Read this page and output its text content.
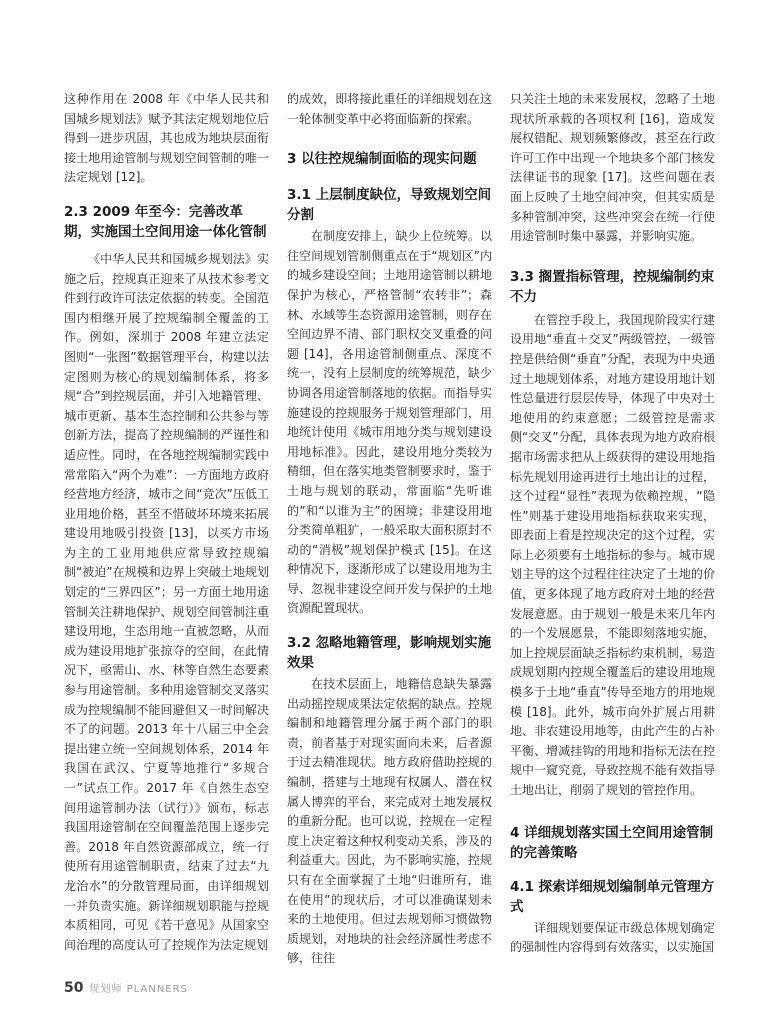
这种作用在 2008 年《中华人民共和国城乡规划法》赋予其法定规划地位后得到一进步巩固，其也成为地块层面衔接土地用途管制与规划空间管制的唯一法定规划 [12]。

2.3 2009 年至今：完善改革期，实施国土空间用途一体化管制

《中华人民共和国城乡规划法》实施之后，控规真正迎来了从技术参考文件到行政许可法定依据的转变。全国范围内相继开展了控规编制全覆盖的工作。例如，深圳于 2008 年建立法定图则“一张图”数据管理平台，构建以法定图则为核心的规划编制体系，将多规“合”到控规层面，并引入地籍管理、城市更新、基本生态控制和公共参与等创新方法，提高了控规编制的严谨性和适应性。同时，在各地控规编制实践中常常陷入“两个为难”：一方面地方政府经营地方经济，城市之间“竞次”压低工业用地价格，甚至不惜破坏环境来拓展建设用地吸引投资 [13]，以买方市场为主的工业用地供应常导致控规编制“被迫”在规模和边界上突破土地规划划定的“三界四区”；另一方面土地用途管制关注耕地保护、规划空间管制注重建设用地，生态用地一直被忽略，从而成为建设用地扩张掠夺的空间，在此情况下，亟需山、水、林等自然生态要素参与用途管制。多种用途管制交叉落实成为控规编制不能回避但又一时间解决不了的问题。2013 年十八届三中全会提出建立统一空间规划体系，2014 年我国在武汉、宁夏等地推行“多规合一”试点工作。2017 年《自然生态空间用途管制办法（试行）》颁布，标志我国用途管制在空间覆盖范围上逐步完善。2018 年自然资源部成立，统一行使所有用途管制职责，结束了过去“九龙治水”的分散管理局面，由详细规划一并负责实施。新详细规划职能与控规本质相同，可见《若干意见》从国家空间治理的高度认可了控规作为法定规划

的成效，即将接此重任的详细规划在这一轮体制变革中必将面临新的探索。

3 以往控规编制面临的现实问题
3.1 上层制度缺位，导致规划空间分割

在制度安排上，缺少上位统筹。以往空间规划管制侧重点在于“规划区”内的城乡建设空间；土地用途管制以耕地保护为核心，严格管制“农转非”；森林、水域等生态资源用途管制，则存在空间边界不清、部门职权交叉重叠的问题 [14]，各用途管制侧重点、深度不统一，没有上层制度的统筹规范，缺少协调各用途管制落地的依据。而指导实施建设的控规服务于规划管理部门，用地统计使用《城市用地分类与规划建设用地标准》。因此，建设用地分类较为精细，但在落实地类管制要求时，鉴于土地与规划的联动，常面临“先听谁的”和“以谁为主”的困境；非建设用地分类简单粗犷，一般采取大面积原封不动的“消极”规划保护模式 [15]。在这种情况下，逐渐形成了以建设用地为主导、忽视非建设空间开发与保护的土地资源配置现状。

3.2 忽略地籍管理，影响规划实施效果

在技术层面上，地籍信息缺失暴露出动摇控规成果法定依据的缺点。控规编制和地籍管理分属于两个部门的职责，前者基于对现实面向未来，后者源于过去精准现状。地方政府借助控规的编制，搭建与土地现有权属人、潜在权属人博弈的平台，来完成对土地发展权的重新分配。也可以说，控规在一定程度上决定着这种权利变动关系，涉及的利益重大。因此，为不影响实施，控规只有在全面掌握了土地“归谁所有，谁在使用”的现状后，才可以准确谋划未来的土地使用。但过去规划师习惯做物质规划，对地块的社会经济属性考虑不够，往往

只关注土地的未来发展权，忽略了土地现状所承载的各项权利 [16]，造成发展权错配、规划频繁修改，甚至在行政许可工作中出现一个地块多个部门核发法律证书的现象 [17]。这些问题在表面上反映了土地空间冲突，但其实质是多种管制冲突，这些冲突会在统一行使用途管制时集中暴露，并影响实施。

3.3 搁置指标管理，控规编制约束不力

在管控手段上，我国现阶段实行建设用地“垂直＋交叉”两级管控，一级管控是供给侧“垂直”分配，表现为中央通过土地规划体系，对地方建设用地计划性总量进行层层传导，体现了中央对土地使用的约束意愿；二级管控是需求侧“交叉”分配，具体表现为地方政府根据市场需求把从上级获得的建设用地指标先规划用途再进行土地出让的过程，这个过程“显性”表现为依赖控规，“隐性”则基于建设用地指标获取来实现，即表面上看是控规决定的这个过程，实际上必须要有土地指标的参与。城市规划主导的这个过程往往决定了土地的价值，更多体现了地方政府对土地的经营发展意愿。由于规划一般是未来几年内的一个发展愿景，不能即刻落地实施，加上控规层面缺乏指标约束机制，易造成规划期内控规全覆盖后的建设用地规模多于土地“垂直”传导至地方的用地规模 [18]。此外，城市向外扩展占用耕地、非农建设用地等，由此产生的占补平衡、增减挂钩的用地和指标无法在控规中一窥究竟，导致控规不能有效指导土地出让，削弱了规划的管控作用。

4 详细规划落实国土空间用途管制的完善策略
4.1 探索详细规划编制单元管理方式

详细规划要保证市级总体规划确定的强制性内容得到有效落实，以实施国

50 规划师 PLANNERS
